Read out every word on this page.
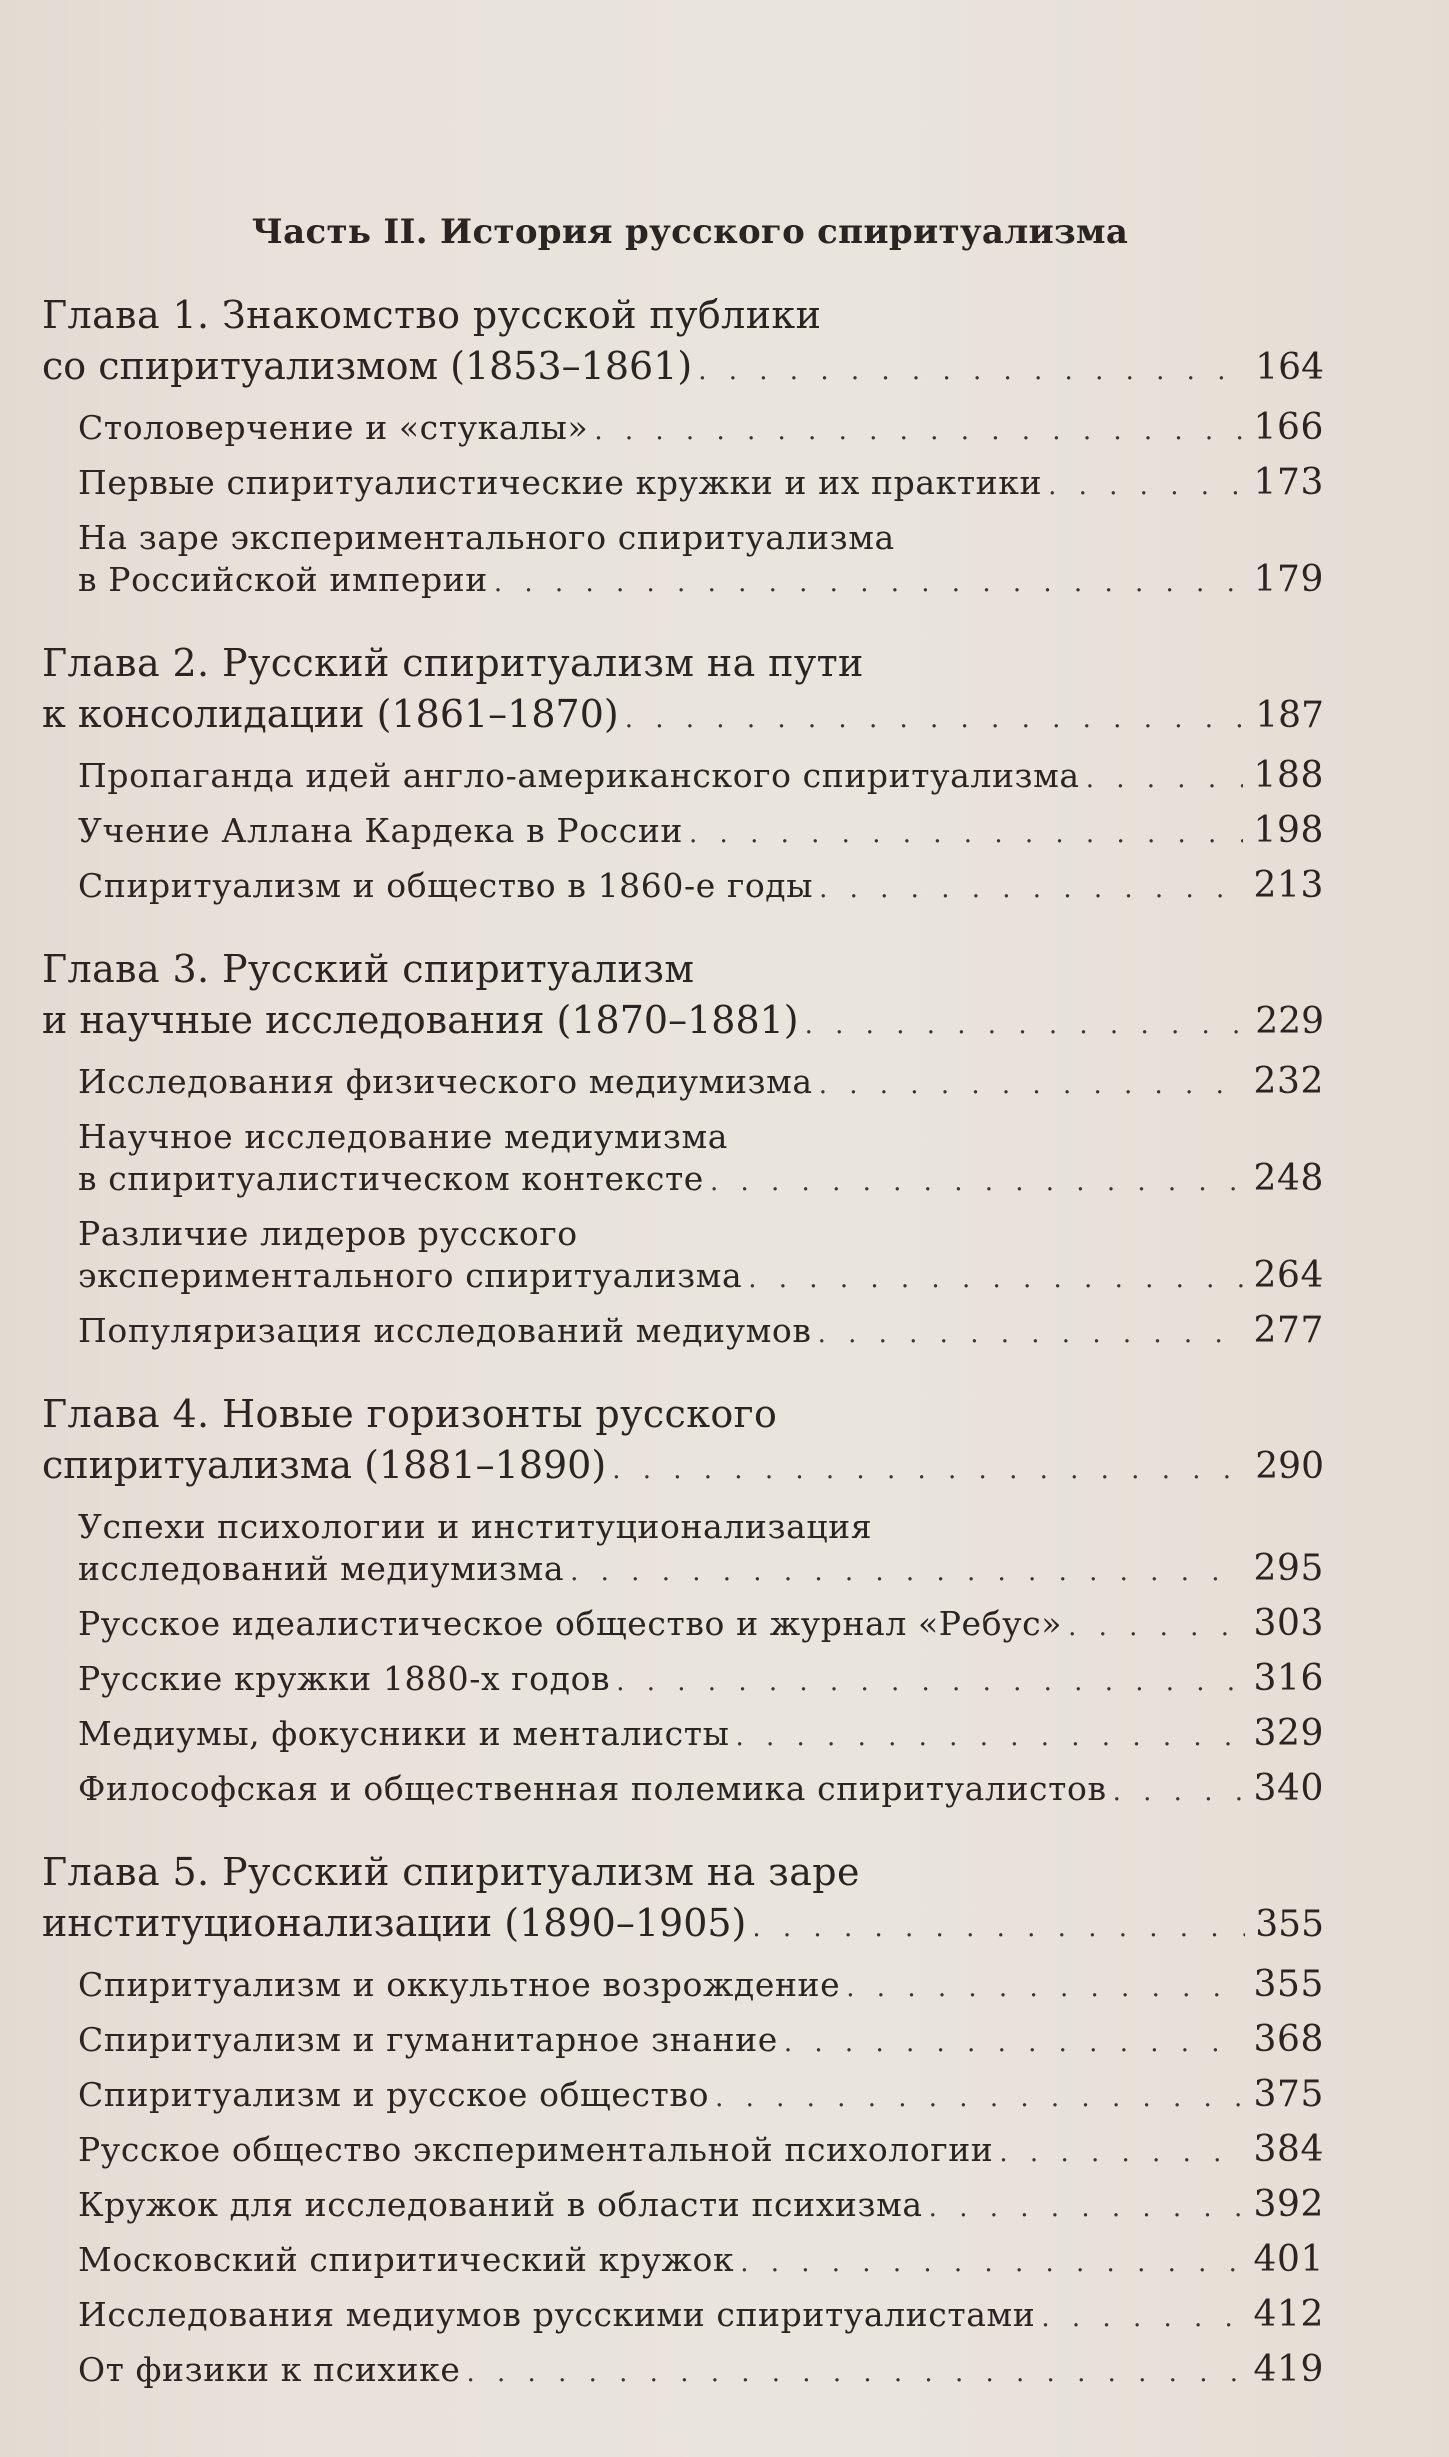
Часть II. История русского спиритуализма
Глава 1. Знакомство русской публики
со спиритуализмом (1853–1861) . . .	164
Столоверчение и «стукалы» . . .	166
Первые спиритуалистические кружки и их практики . . .	173
На заре экспериментального спиритуализма
в Российской империи . . .	179
Глава 2. Русский спиритуализм на пути
к консолидации (1861–1870) . . .	187
Пропаганда идей англо-американского спиритуализма . . .	188
Учение Аллана Кардека в России . . .	198
Спиритуализм и общество в 1860-е годы . . .	213
Глава 3. Русский спиритуализм
и научные исследования (1870–1881) . . .	229
Исследования физического медиумизма . . .	232
Научное исследование медиумизма
в спиритуалистическом контексте . . .	248
Различие лидеров русского
экспериментального спиритуализма . . .	264
Популяризация исследований медиумов . . .	277
Глава 4. Новые горизонты русского
спиритуализма (1881–1890) . . .	290
Успехи психологии и институционализация
исследований медиумизма . . .	295
Русское идеалистическое общество и журнал «Ребус» . . .	303
Русские кружки 1880-х годов . . .	316
Медиумы, фокусники и менталисты . . .	329
Философская и общественная полемика спиритуалистов . . .	340
Глава 5. Русский спиритуализм на заре
институционализации (1890–1905) . . .	355
Спиритуализм и оккультное возрождение . . .	355
Спиритуализм и гуманитарное знание . . .	368
Спиритуализм и русское общество . . .	375
Русское общество экспериментальной психологии . . .	384
Кружок для исследований в области психизма . . .	392
Московский спиритический кружок . . .	401
Исследования медиумов русскими спиритуалистами . . .	412
От физики к психике . . .	419
